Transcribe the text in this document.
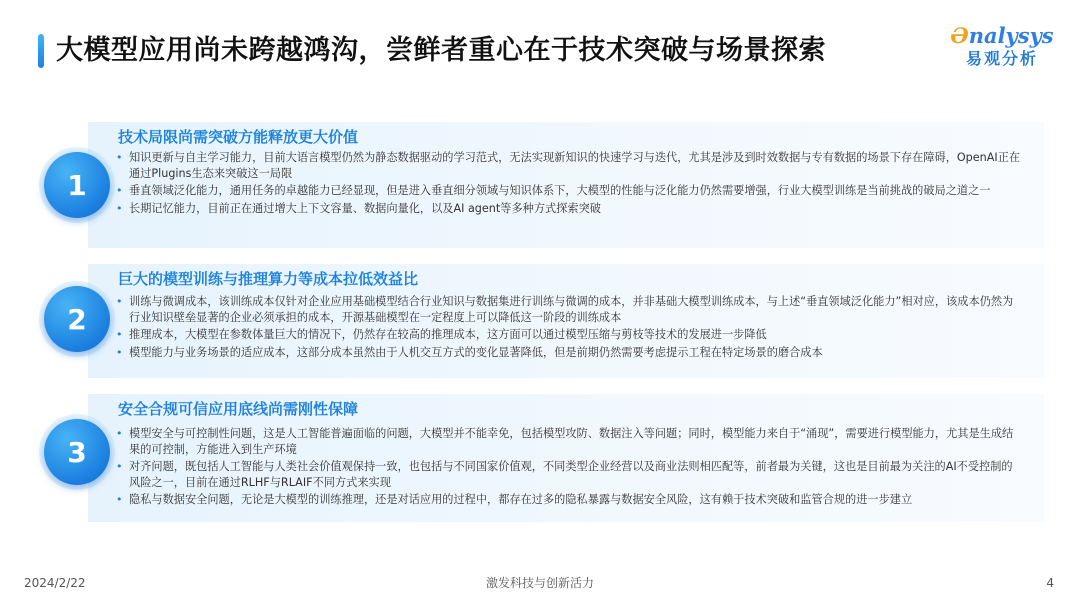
大模型应用尚未跨越鸿沟，尝鲜者重心在于技术突破与场景探索	Ənalysys
易观分析
1
技术局限尚需突破方能释放更大价值
• 知识更新与自主学习能力，目前大语言模型仍然为静态数据驱动的学习范式，无法实现新知识的快速学习与迭代，尤其是涉及到时效数据与专有数据的场景下存在障碍，OpenAI正在通过Plugins生态来突破这一局限
• 垂直领域泛化能力，通用任务的卓越能力已经显现，但是进入垂直细分领域与知识体系下，大模型的性能与泛化能力仍然需要增强，行业大模型训练是当前挑战的破局之道之一
• 长期记忆能力，目前正在通过增大上下文容量、数据向量化，以及AI agent等多种方式探索突破
2
巨大的模型训练与推理算力等成本拉低效益比
• 训练与微调成本，该训练成本仅针对企业应用基础模型结合行业知识与数据集进行训练与微调的成本，并非基础大模型训练成本，与上述“垂直领域泛化能力”相对应，该成本仍然为行业知识壁垒显著的企业必须承担的成本，开源基础模型在一定程度上可以降低这一阶段的训练成本
• 推理成本，大模型在参数体量巨大的情况下，仍然存在较高的推理成本，这方面可以通过模型压缩与剪枝等技术的发展进一步降低
• 模型能力与业务场景的适应成本，这部分成本虽然由于人机交互方式的变化显著降低，但是前期仍然需要考虑提示工程在特定场景的磨合成本
3
安全合规可信应用底线尚需刚性保障
• 模型安全与可控制性问题，这是人工智能普遍面临的问题，大模型并不能幸免，包括模型攻防、数据注入等问题；同时，模型能力来自于“涌现”，需要进行模型能力，尤其是生成结果的可控制，方能进入到生产环境
• 对齐问题，既包括人工智能与人类社会价值观保持一致，也包括与不同国家价值观，不同类型企业经营以及商业法则相匹配等，前者最为关键，这也是目前最为关注的AI不受控制的风险之一，目前在通过RLHF与RLAIF不同方式来实现
• 隐私与数据安全问题，无论是大模型的训练推理，还是对话应用的过程中，都存在过多的隐私暴露与数据安全风险，这有赖于技术突破和监管合规的进一步建立
2024/2/22	激发科技与创新活力	4
